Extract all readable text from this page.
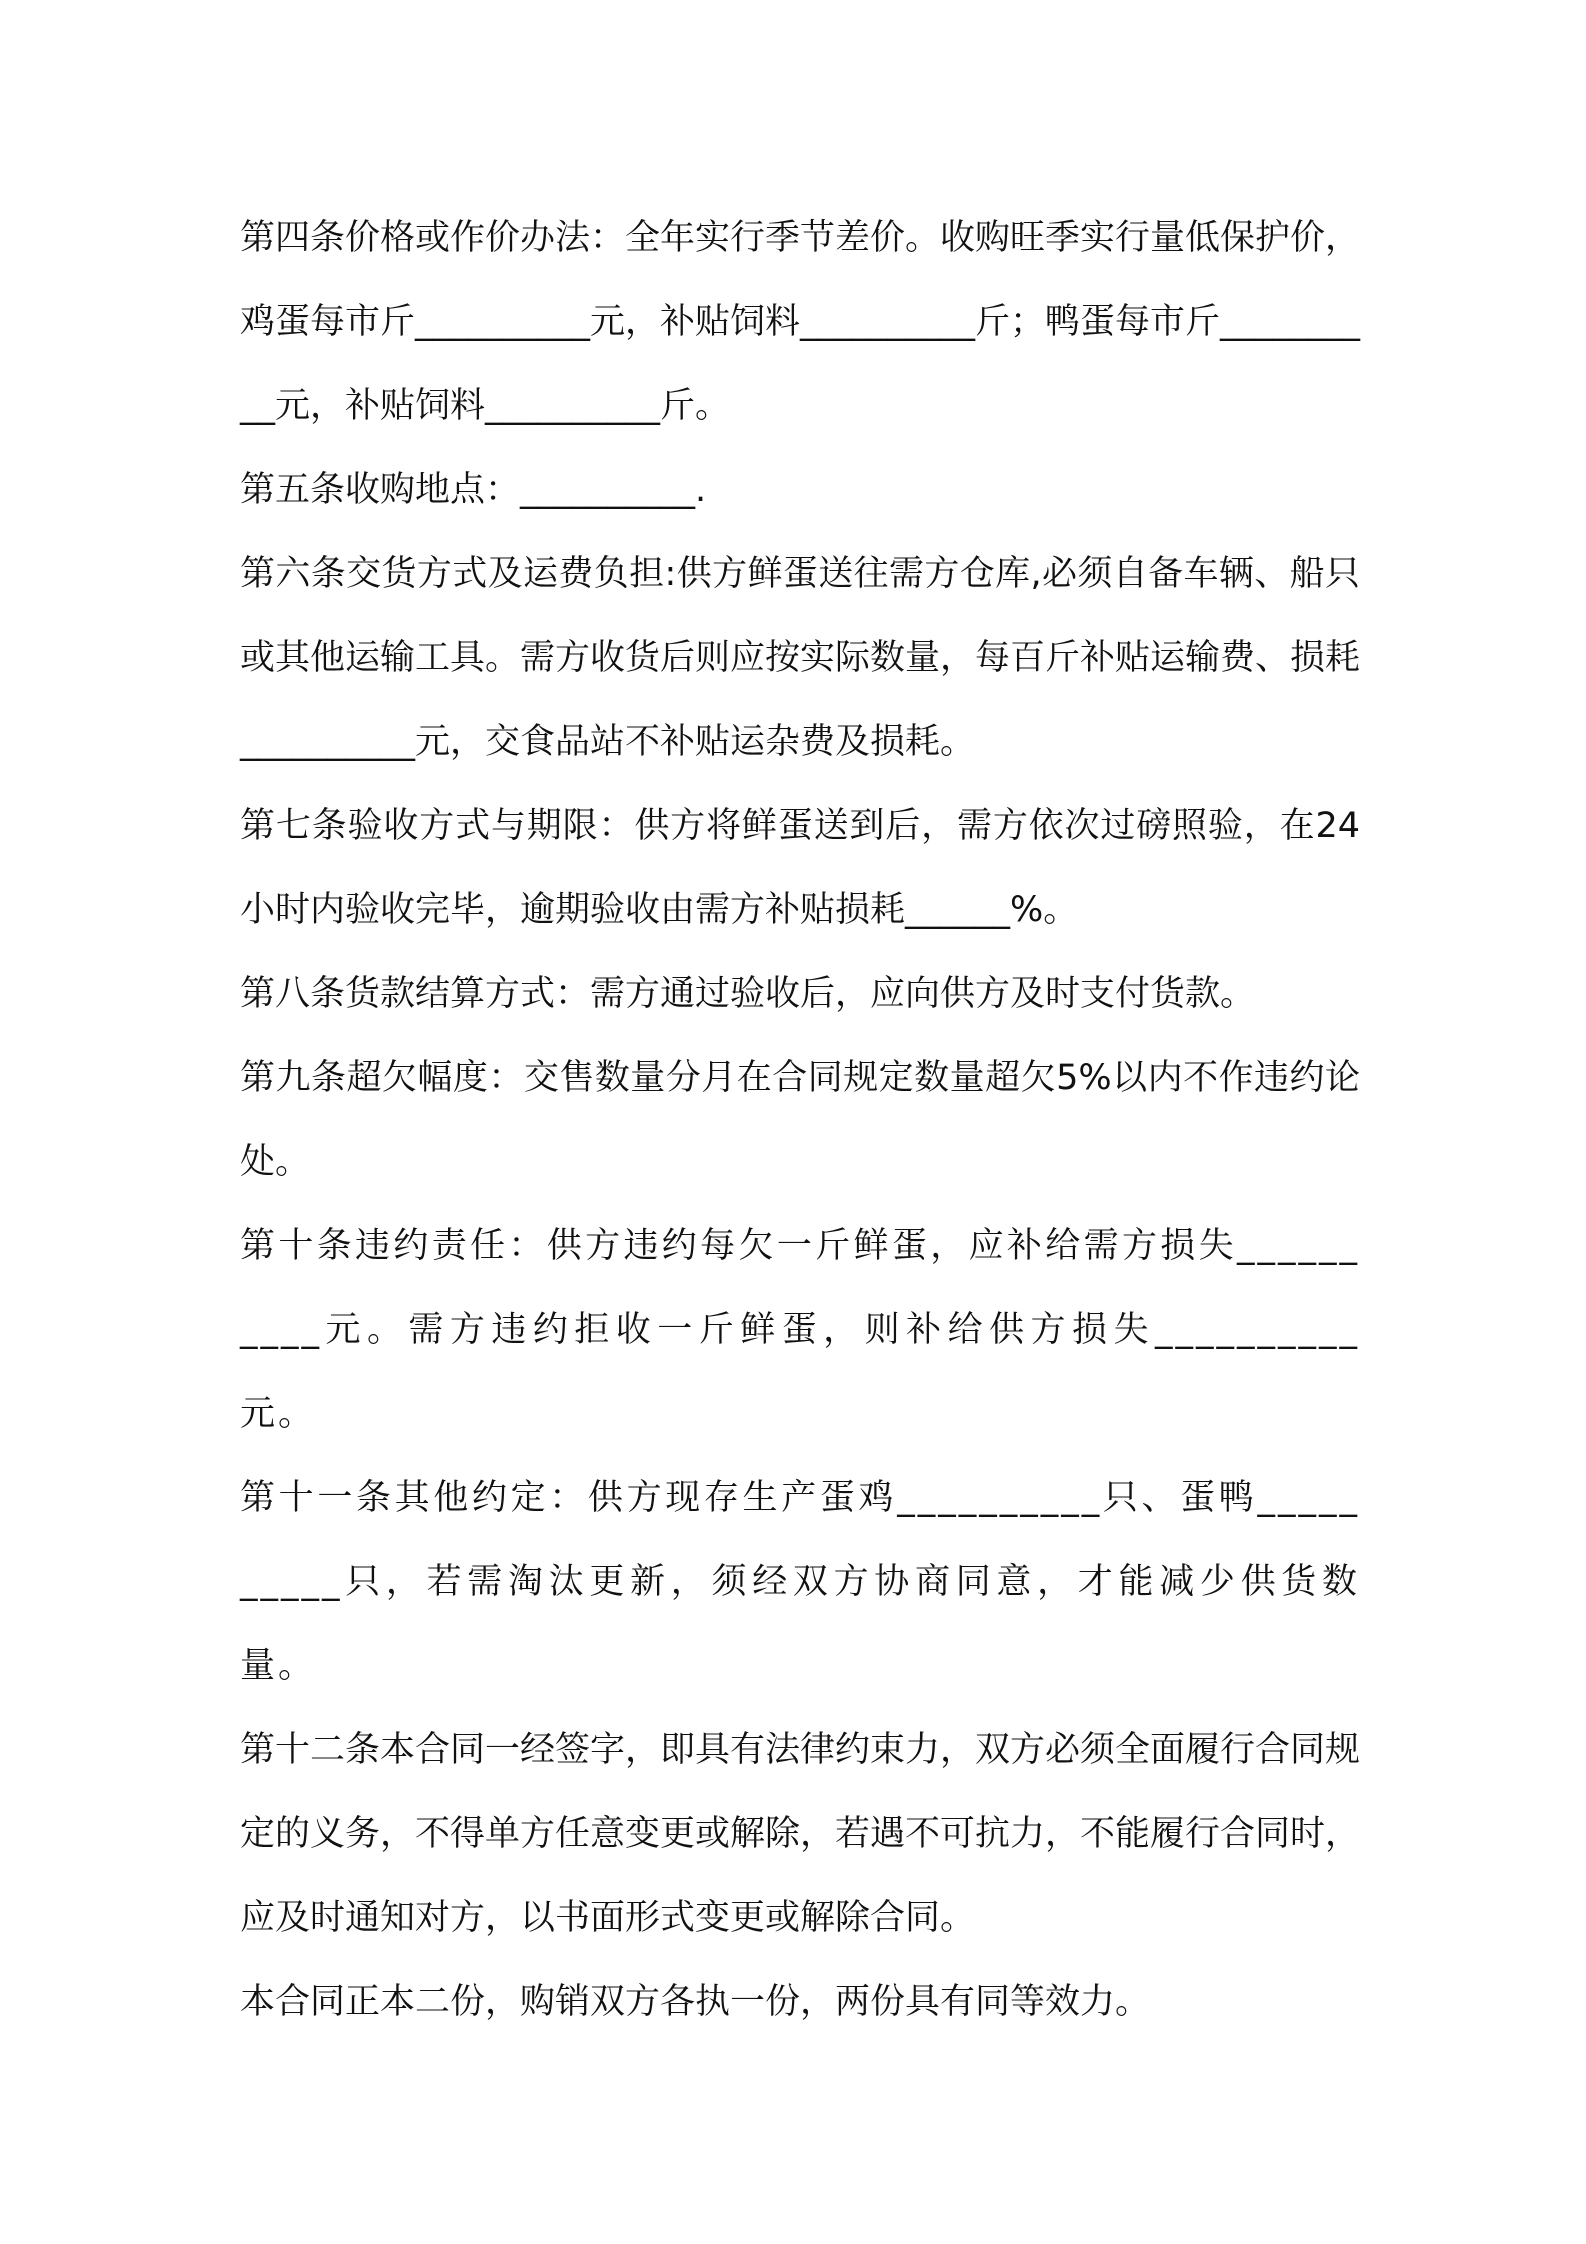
第四条价格或作价办法：全年实行季节差价。收购旺季实行量低保护价，鸡蛋每市斤__________元，补贴饲料__________斤；鸭蛋每市斤__________元，补贴饲料__________斤。

第五条收购地点：__________.

第六条交货方式及运费负担:供方鲜蛋送往需方仓库,必须自备车辆、船只或其他运输工具。需方收货后则应按实际数量，每百斤补贴运输费、损耗__________元，交食品站不补贴运杂费及损耗。

第七条验收方式与期限：供方将鲜蛋送到后，需方依次过磅照验，在24小时内验收完毕，逾期验收由需方补贴损耗______%。

第八条货款结算方式：需方通过验收后，应向供方及时支付货款。

第九条超欠幅度：交售数量分月在合同规定数量超欠5%以内不作违约论处。

第十条违约责任：供方违约每欠一斤鲜蛋，应补给需方损失__________元。需方违约拒收一斤鲜蛋，则补给供方损失__________元。

第十一条其他约定：供方现存生产蛋鸡__________只、蛋鸭__________只，若需淘汰更新，须经双方协商同意，才能减少供货数量。

第十二条本合同一经签字，即具有法律约束力，双方必须全面履行合同规定的义务，不得单方任意变更或解除，若遇不可抗力，不能履行合同时，应及时通知对方，以书面形式变更或解除合同。

本合同正本二份，购销双方各执一份，两份具有同等效力。
